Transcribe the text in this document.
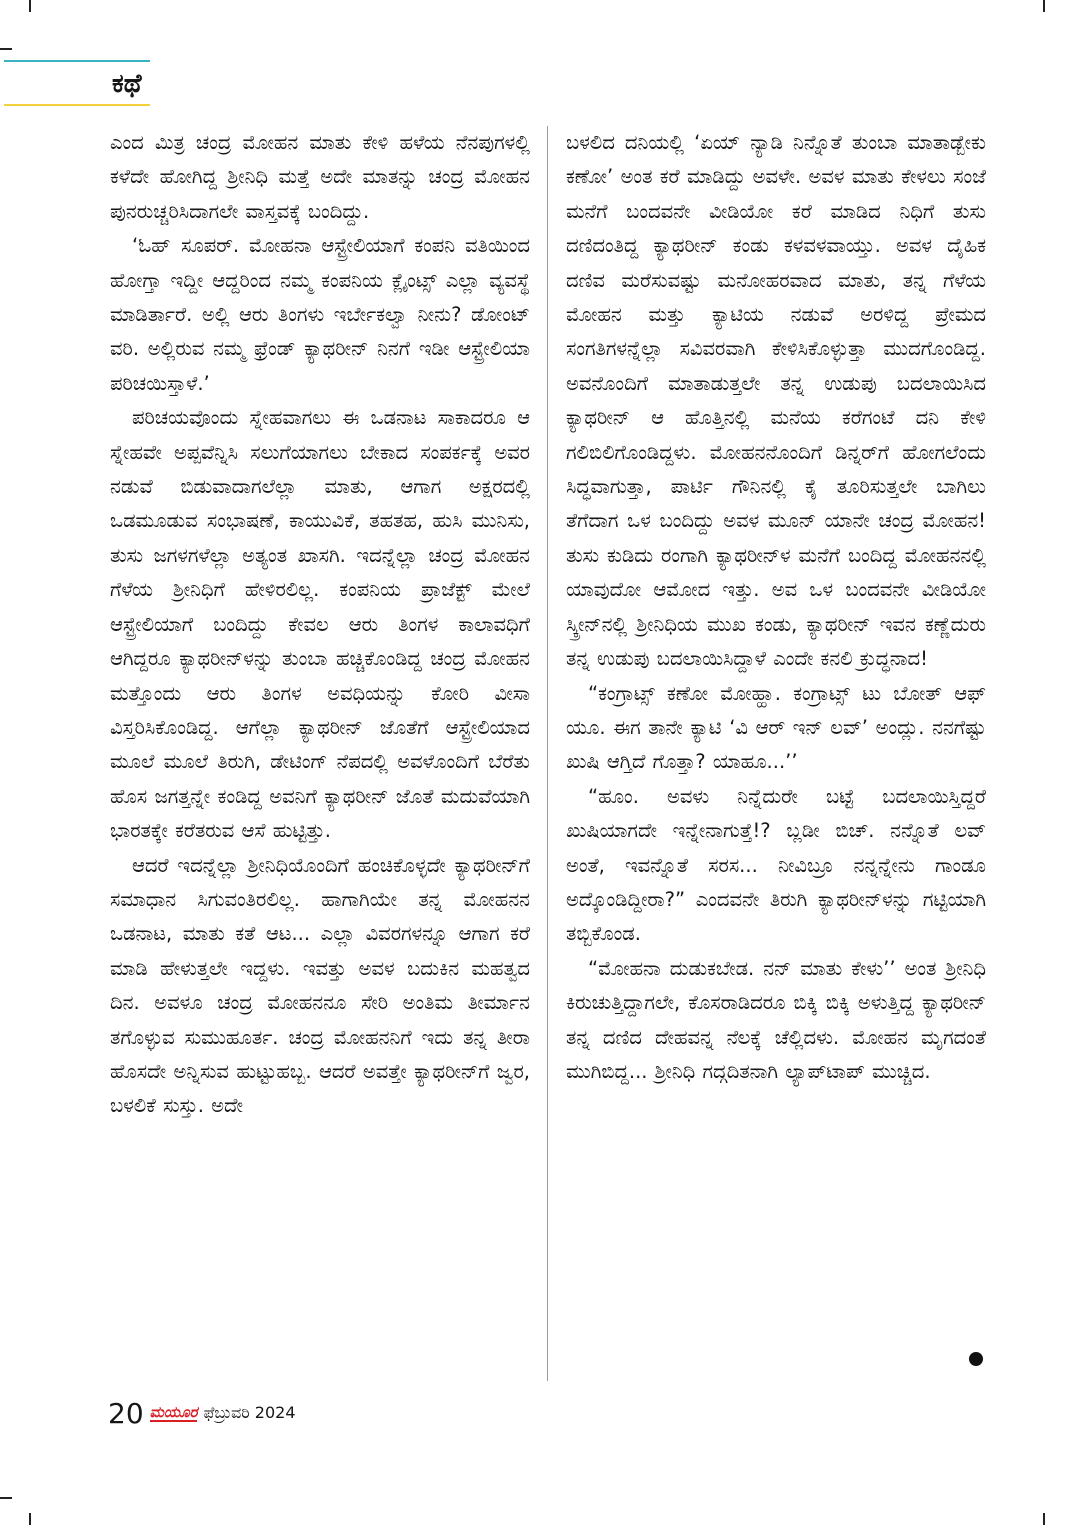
ಕಥೆ

ಎಂದ ಮಿತ್ರ ಚಂದ್ರ ಮೋಹನ ಮಾತು ಕೇಳಿ ಹಳೆಯ ನೆನಪುಗಳಲ್ಲಿ ಕಳೆದೇ ಹೋಗಿದ್ದ ಶ್ರೀನಿಧಿ ಮತ್ತೆ ಅದೇ ಮಾತನ್ನು ಚಂದ್ರ ಮೋಹನ ಪುನರುಚ್ಚರಿಸಿದಾಗಲೇ ವಾಸ್ತವಕ್ಕೆ ಬಂದಿದ್ದು.

‘ಓಹ್ ಸೂಪರ್. ಮೋಹನಾ ಆಸ್ಟ್ರೇಲಿಯಾಗೆ ಕಂಪನಿ ವತಿಯಿಂದ ಹೋಗ್ತಾ ಇದ್ದೀ ಆದ್ದರಿಂದ ನಮ್ಮ ಕಂಪನಿಯ ಕ್ಲೈಂಟ್ಸ್ ಎಲ್ಲಾ ವ್ಯವಸ್ಥೆ ಮಾಡಿರ್ತಾರೆ. ಅಲ್ಲಿ ಆರು ತಿಂಗಳು ಇರ್ಬೇಕಲ್ವಾ ನೀನು? ಡೋಂಟ್ ವರಿ. ಅಲ್ಲಿರುವ ನಮ್ಮ ಫ್ರೆಂಡ್ ಕ್ಯಾಥರೀನ್ ನಿನಗೆ ಇಡೀ ಆಸ್ಟ್ರೇಲಿಯಾ ಪರಿಚಯಿಸ್ತಾಳೆ.’

ಪರಿಚಯವೊಂದು ಸ್ನೇಹವಾಗಲು ಈ ಒಡನಾಟ ಸಾಕಾದರೂ ಆ ಸ್ನೇಹವೇ ಅಪ್ಪವೆನ್ನಿಸಿ ಸಲುಗೆಯಾಗಲು ಬೇಕಾದ ಸಂಪರ್ಕಕ್ಕೆ ಅವರ ನಡುವೆ ಬಿಡುವಾದಾಗಲೆಲ್ಲಾ ಮಾತು, ಆಗಾಗ ಅಕ್ಷರದಲ್ಲಿ ಒಡಮೂಡುವ ಸಂಭಾಷಣೆ, ಕಾಯುವಿಕೆ, ತಹತಹ, ಹುಸಿ ಮುನಿಸು, ತುಸು ಜಗಳಗಳೆಲ್ಲಾ ಅತ್ಯಂತ ಖಾಸಗಿ. ಇದನ್ನೆಲ್ಲಾ ಚಂದ್ರ ಮೋಹನ ಗೆಳೆಯ ಶ್ರೀನಿಧಿಗೆ ಹೇಳಿರಲಿಲ್ಲ. ಕಂಪನಿಯ ಪ್ರಾಜೆಕ್ಟ್ ಮೇಲೆ ಆಸ್ಟ್ರೇಲಿಯಾಗೆ ಬಂದಿದ್ದು ಕೇವಲ ಆರು ತಿಂಗಳ ಕಾಲಾವಧಿಗೆ ಆಗಿದ್ದರೂ ಕ್ಯಾಥರೀನ್‌ಳನ್ನು ತುಂಬಾ ಹಚ್ಚಿಕೊಂಡಿದ್ದ ಚಂದ್ರ ಮೋಹನ ಮತ್ತೊಂದು ಆರು ತಿಂಗಳ ಅವಧಿಯನ್ನು ಕೋರಿ ವೀಸಾ ವಿಸ್ತರಿಸಿಕೊಂಡಿದ್ದ. ಆಗೆಲ್ಲಾ ಕ್ಯಾಥರೀನ್ ಜೊತೆಗೆ ಆಸ್ಟ್ರೇಲಿಯಾದ ಮೂಲೆ ಮೂಲೆ ತಿರುಗಿ, ಡೇಟಿಂಗ್ ನೆಪದಲ್ಲಿ ಅವಳೊಂದಿಗೆ ಬೆರೆತು ಹೊಸ ಜಗತ್ತನ್ನೇ ಕಂಡಿದ್ದ ಅವನಿಗೆ ಕ್ಯಾಥರೀನ್ ಜೊತೆ ಮದುವೆಯಾಗಿ ಭಾರತಕ್ಕೇ ಕರೆತರುವ ಆಸೆ ಹುಟ್ಟಿತ್ತು.

ಆದರೆ ಇದನ್ನೆಲ್ಲಾ ಶ್ರೀನಿಧಿಯೊಂದಿಗೆ ಹಂಚಿಕೊಳ್ಳದೇ ಕ್ಯಾಥರೀನ್‌ಗೆ ಸಮಾಧಾನ ಸಿಗುವಂತಿರಲಿಲ್ಲ. ಹಾಗಾಗಿಯೇ ತನ್ನ ಮೋಹನನ ಒಡನಾಟ, ಮಾತು ಕತೆ ಆಟ... ಎಲ್ಲಾ ವಿವರಗಳನ್ನೂ ಆಗಾಗ ಕರೆ ಮಾಡಿ ಹೇಳುತ್ತಲೇ ಇದ್ದಳು. ಇವತ್ತು ಅವಳ ಬದುಕಿನ ಮಹತ್ವದ ದಿನ. ಅವಳೂ ಚಂದ್ರ ಮೋಹನನೂ ಸೇರಿ ಅಂತಿಮ ತೀರ್ಮಾನ ತಗೊಳ್ಳುವ ಸುಮುಹೂರ್ತ. ಚಂದ್ರ ಮೋಹನನಿಗೆ ಇದು ತನ್ನ ತೀರಾ ಹೊಸದೇ ಅನ್ನಿಸುವ ಹುಟ್ಟುಹಬ್ಬ. ಆದರೆ ಅವತ್ತೇ ಕ್ಯಾಥರೀನ್‌ಗೆ ಜ್ವರ, ಬಳಲಿಕೆ ಸುಸ್ತು. ಅದೇ

ಬಳಲಿದ ದನಿಯಲ್ಲಿ ‘ಏಯ್ ನ್ಯಾಡಿ ನಿನ್ನೊತೆ ತುಂಬಾ ಮಾತಾಡ್ಬೇಕು ಕಣೋ’ ಅಂತ ಕರೆ ಮಾಡಿದ್ದು ಅವಳೇ. ಅವಳ ಮಾತು ಕೇಳಲು ಸಂಜೆ ಮನೆಗೆ ಬಂದವನೇ ವೀಡಿಯೋ ಕರೆ ಮಾಡಿದ ನಿಧಿಗೆ ತುಸು ದಣಿದಂತಿದ್ದ ಕ್ಯಾಥರೀನ್ ಕಂಡು ಕಳವಳವಾಯ್ತು. ಅವಳ ದೈಹಿಕ ದಣಿವ ಮರೆಸುವಷ್ಟು ಮನೋಹರವಾದ ಮಾತು, ತನ್ನ ಗೆಳೆಯ ಮೋಹನ ಮತ್ತು ಕ್ಯಾಟಿಯ ನಡುವೆ ಅರಳಿದ್ದ ಪ್ರೇಮದ ಸಂಗತಿಗಳನ್ನೆಲ್ಲಾ ಸವಿವರವಾಗಿ ಕೇಳಿಸಿಕೊಳ್ಳುತ್ತಾ ಮುದಗೊಂಡಿದ್ದ. ಅವನೊಂದಿಗೆ ಮಾತಾಡುತ್ತಲೇ ತನ್ನ ಉಡುಪು ಬದಲಾಯಿಸಿದ ಕ್ಯಾಥರೀನ್ ಆ ಹೊತ್ತಿನಲ್ಲಿ ಮನೆಯ ಕರೆಗಂಟೆ ದನಿ ಕೇಳಿ ಗಲಿಬಿಲಿಗೊಂಡಿದ್ದಳು. ಮೋಹನನೊಂದಿಗೆ ಡಿನ್ನರ್‌ಗೆ ಹೋಗಲೆಂದು ಸಿದ್ಧವಾಗುತ್ತಾ, ಪಾರ್ಟಿ ಗೌನಿನಲ್ಲಿ ಕೈ ತೂರಿಸುತ್ತಲೇ ಬಾಗಿಲು ತೆಗೆದಾಗ ಒಳ ಬಂದಿದ್ದು ಅವಳ ಮೂನ್ ಯಾನೇ ಚಂದ್ರ ಮೋಹನ! ತುಸು ಕುಡಿದು ರಂಗಾಗಿ ಕ್ಯಾಥರೀನ್‌ಳ ಮನೆಗೆ ಬಂದಿದ್ದ ಮೋಹನನಲ್ಲಿ ಯಾವುದೋ ಆಮೋದ ಇತ್ತು. ಅವ ಒಳ ಬಂದವನೇ ವೀಡಿಯೋ ಸ್ಕ್ರೀನ್‌ನಲ್ಲಿ ಶ್ರೀನಿಧಿಯ ಮುಖ ಕಂಡು, ಕ್ಯಾಥರೀನ್ ಇವನ ಕಣ್ಣೆದುರು ತನ್ನ ಉಡುಪು ಬದಲಾಯಿಸಿದ್ದಾಳೆ ಎಂದೇ ಕನಲಿ ಕ್ರುದ್ಧನಾದ!

“ಕಂಗ್ರಾಟ್ಸ್ ಕಣೋ ಮೋಹ್ಹಾ. ಕಂಗ್ರಾಟ್ಸ್ ಟು ಬೋತ್ ಆಫ್ ಯೂ. ಈಗ ತಾನೇ ಕ್ಯಾಟಿ ‘ವಿ ಆರ್ ಇನ್ ಲವ್’ ಅಂದ್ಲು. ನನಗೆಷ್ಟು ಖುಷಿ ಆಗ್ತಿದೆ ಗೊತ್ತಾ? ಯಾಹೂ...’’

“ಹೂಂ. ಅವಳು ನಿನ್ನೆದುರೇ ಬಟ್ಟೆ ಬದಲಾಯಿಸ್ತಿದ್ದರೆ ಖುಷಿಯಾಗದೇ ಇನ್ನೇನಾಗುತ್ತೆ!? ಬ್ಲಡೀ ಬಿಚ್. ನನ್ನೊತೆ ಲವ್ ಅಂತೆ, ಇವನ್ನೊತೆ ಸರಸ... ನೀವಿಬ್ರೂ ನನ್ನನ್ನೇನು ಗಾಂಡೂ ಅದ್ಕೊಂಡಿದ್ದೀರಾ?” ಎಂದವನೇ ತಿರುಗಿ ಕ್ಯಾಥರೀನ್‌ಳನ್ನು ಗಟ್ಟಿಯಾಗಿ ತಬ್ಬಿಕೊಂಡ.

“ಮೋಹನಾ ದುಡುಕಬೇಡ. ನನ್ ಮಾತು ಕೇಳು’’ ಅಂತ ಶ್ರೀನಿಧಿ ಕಿರುಚುತ್ತಿದ್ದಾಗಲೇ, ಕೊಸರಾಡಿದರೂ ಬಿಕ್ಕಿ ಬಿಕ್ಕಿ ಅಳುತ್ತಿದ್ದ ಕ್ಯಾಥರೀನ್ ತನ್ನ ದಣಿದ ದೇಹವನ್ನ ನೆಲಕ್ಕೆ ಚೆಲ್ಲಿದಳು. ಮೋಹನ ಮೃಗದಂತೆ ಮುಗಿಬಿದ್ದ... ಶ್ರೀನಿಧಿ ಗದ್ಗದಿತನಾಗಿ ಲ್ಯಾಪ್‌ಟಾಪ್ ಮುಚ್ಚಿದ.

20 ಮಯೂರ ಫೆಬ್ರುವರಿ 2024
